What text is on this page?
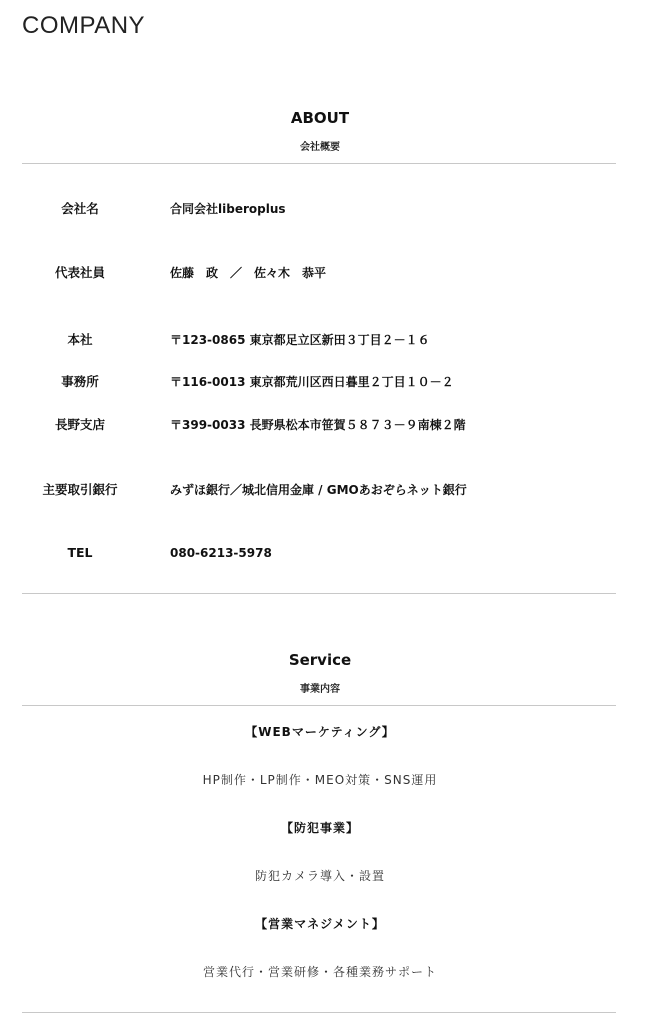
COMPANY
ABOUT
会社概要
会社名	合同会社liberoplus
代表社員	佐藤　政　／　佐々木　恭平
本社	〒123-0865 東京都足立区新田３丁目２－１６
事務所	〒116-0013 東京都荒川区西日暮里２丁目１０－２
長野支店	〒399-0033 長野県松本市笹賀５８７３－９南棟２階
主要取引銀行	みずほ銀行／城北信用金庫 / GMOあおぞらネット銀行
TEL	080-6213-5978
Service
事業内容
【WEBマーケティング】
HP制作・LP制作・MEO対策・SNS運用
【防犯事業】
防犯カメラ導入・設置
【営業マネジメント】
営業代行・営業研修・各種業務サポート
